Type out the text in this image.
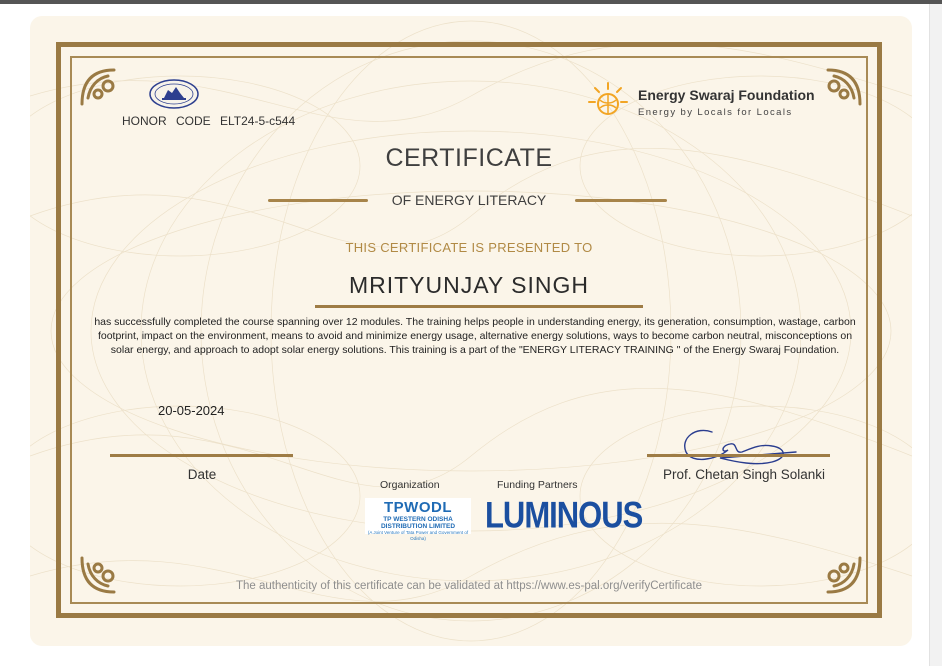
HONOR CODE ELT24-5-c544
Energy Swaraj Foundation
Energy by Locals for Locals
CERTIFICATE
OF ENERGY LITERACY
THIS CERTIFICATE IS PRESENTED TO
MRITYUNJAY SINGH
has successfully completed the course spanning over 12 modules. The training helps people in understanding energy, its generation, consumption, wastage, carbon footprint, impact on the environment, means to avoid and minimize energy usage, alternative energy solutions, ways to become carbon neutral, misconceptions on solar energy, and approach to adopt solar energy solutions. This training is a part of the "ENERGY LITERACY TRAINING " of the Energy Swaraj Foundation.
20-05-2024
Date	Prof. Chetan Singh Solanki
Organization	Funding Partners
TPWODL
TP WESTERN ODISHA DISTRIBUTION LIMITED
(A Joint Venture of Tata Power and Government of Odisha)
LUMINOUS
The authenticity of this certificate can be validated at https://www.es-pal.org/verifyCertificate
